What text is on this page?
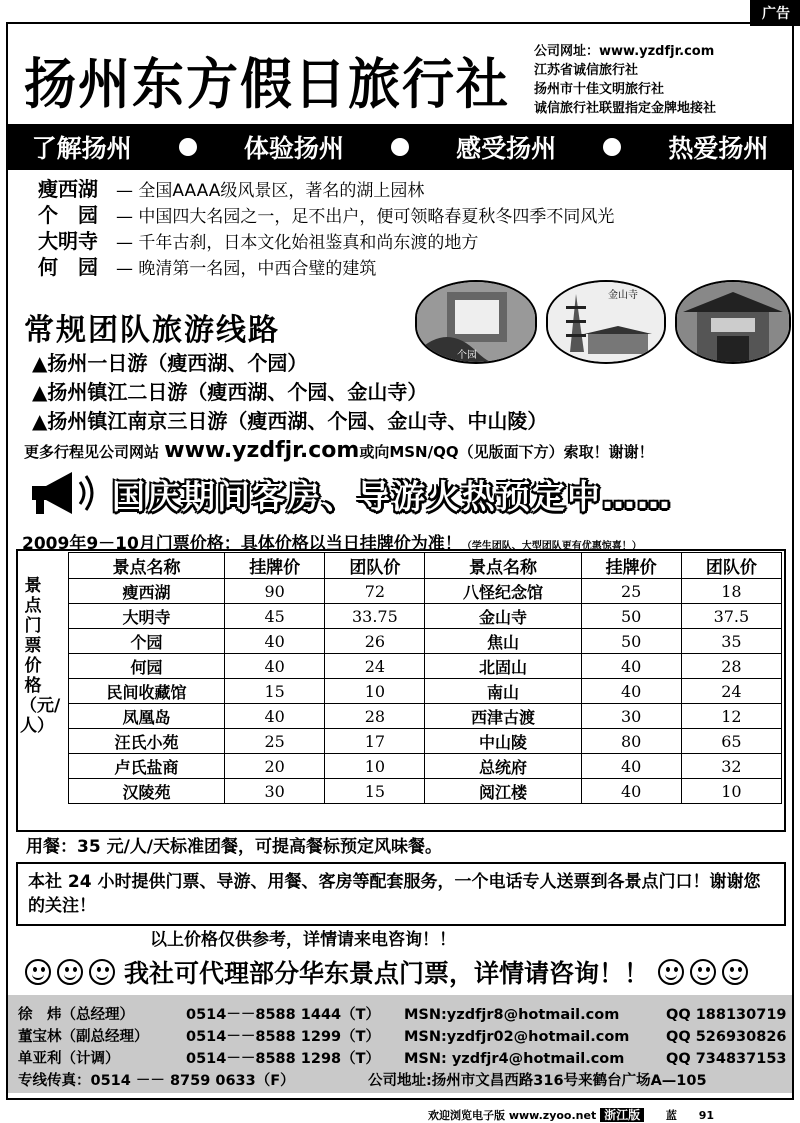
广告
扬州东方假日旅行社
公司网址：www.yzdfjr.com
江苏省诚信旅行社
扬州市十佳文明旅行社
诚信旅行社联盟指定金牌地接社
了解扬州	体验扬州	感受扬州	热爱扬州
瘦西湖 — 全国AAAA级风景区，著名的湖上园林
个　园 — 中国四大名园之一，足不出户，便可领略春夏秋冬四季不同风光
大明寺 — 千年古刹，日本文化始祖鉴真和尚东渡的地方
何　园 — 晚清第一名园，中西合璧的建筑
常规团队旅游线路
个园
金山寺
▲扬州一日游（瘦西湖、个园）
▲扬州镇江二日游（瘦西湖、个园、金山寺）
▲扬州镇江南京三日游（瘦西湖、个园、金山寺、中山陵）
更多行程见公司网站 www.yzdfjr.com或向MSN/QQ（见版面下方）索取！谢谢！
国庆期间客房、导游火热预定中……
2009年9－10月门票价格：具体价格以当日挂牌价为准！（学生团队、大型团队更有优惠惊喜！）
景点门票价格（元/人）
景点名称	挂牌价	团队价	景点名称	挂牌价	团队价
瘦西湖	90	72	八怪纪念馆	25	18
大明寺	45	33.75	金山寺	50	37.5
个园	40	26	焦山	50	35
何园	40	24	北固山	40	28
民间收藏馆	15	10	南山	40	24
凤凰岛	40	28	西津古渡	30	12
汪氏小苑	25	17	中山陵	80	65
卢氏盐商	20	10	总统府	40	32
汉陵苑	30	15	阅江楼	40	10
用餐：35 元/人/天标准团餐，可提高餐标预定风味餐。
本社 24 小时提供门票、导游、用餐、客房等配套服务，一个电话专人送票到各景点门口！谢谢您的关注！
以上价格仅供参考，详情请来电咨询！！
我社可代理部分华东景点门票，详情请咨询！！
徐　炜（总经理）	0514－－8588 1444（T） MSN:yzdfjr8@hotmail.com	QQ 188130719
董宝林（副总经理）	0514－－8588 1299（T） MSN:yzdfjr02@hotmail.com	QQ 526930826
单亚利（计调）	0514－－8588 1298（T） MSN: yzdfjr4@hotmail.com	QQ 734837153
专线传真：0514 －－ 8759 0633（F）	公司地址:扬州市文昌西路316号来鹤台广场A—105
欢迎浏览电子版 www.zyoo.net 浙江版 蓝 91
